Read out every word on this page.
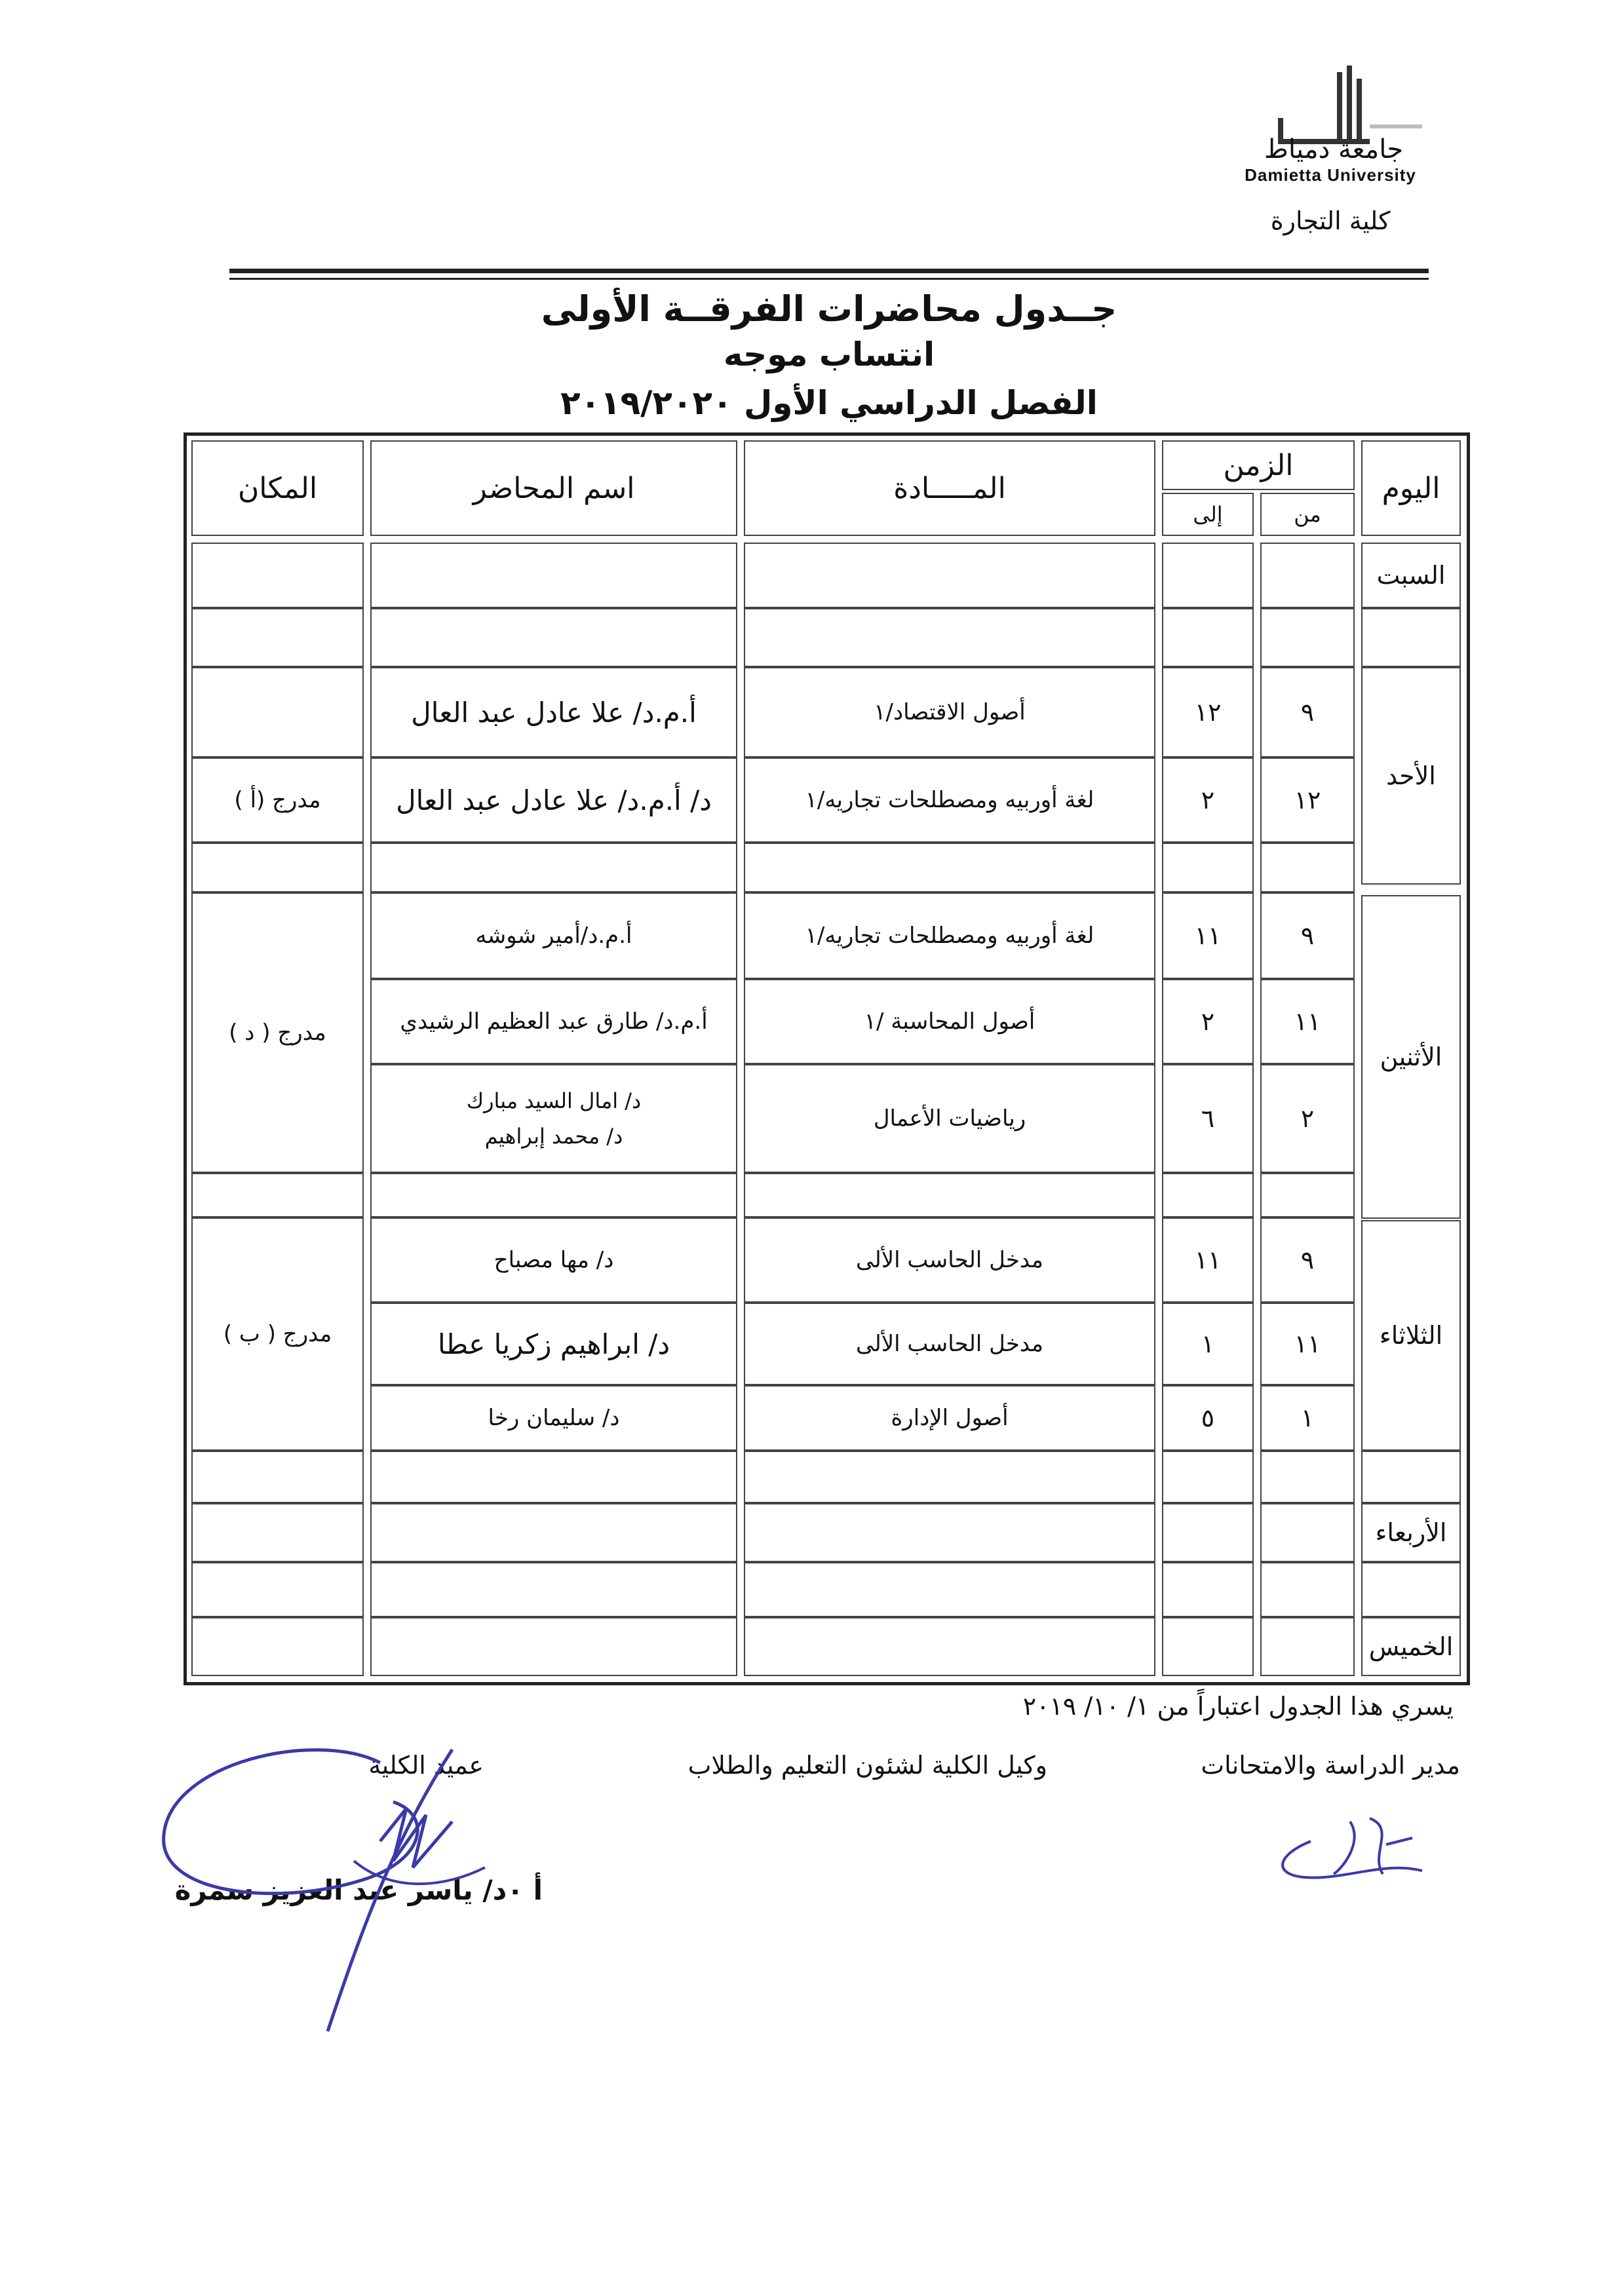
جامعة دمياط
Damietta University
كلية التجارة
جــدول محاضرات الفرقــة الأولى
انتساب موجه
الفصل الدراسي الأول ٢٠١٩/٢٠٢٠
اليوم
الزمن
من
إلى
المـــــادة
اسم المحاضر
المكان
السبت
الأحد
الأثنين
الثلاثاء
الأربعاء
الخميس
٩
١٢
أصول الاقتصاد/١
أ.م.د/ علا عادل عبد العال
١٢
٢
لغة أوربيه ومصطلحات تجاريه/١
د/ أ.م.د/ علا عادل عبد العال
مدرج (أ )
٩
١١
لغة أوربيه ومصطلحات تجاريه/١
أ.م.د/أمير شوشه
١١
٢
أصول المحاسبة /١
أ.م.د/ طارق عبد العظيم الرشيدي
٢
٦
رياضيات الأعمال
د/ امال السيد مبارك
د/ محمد إبراهيم
مدرج ( د )
٩
١١
مدخل الحاسب الألى
د/ مها مصباح
١١
١
مدخل الحاسب الألى
د/ ابراهيم زكريا عطا
١
٥
أصول الإدارة
د/ سليمان رخا
مدرج ( ب )
يسري هذا الجدول اعتباراً من ١/ ١٠/ ٢٠١٩
مدير الدراسة والامتحانات
وكيل الكلية لشئون التعليم والطلاب
عميد الكلية
أ ٠د/ ياسر عبد العزيز سمرة
